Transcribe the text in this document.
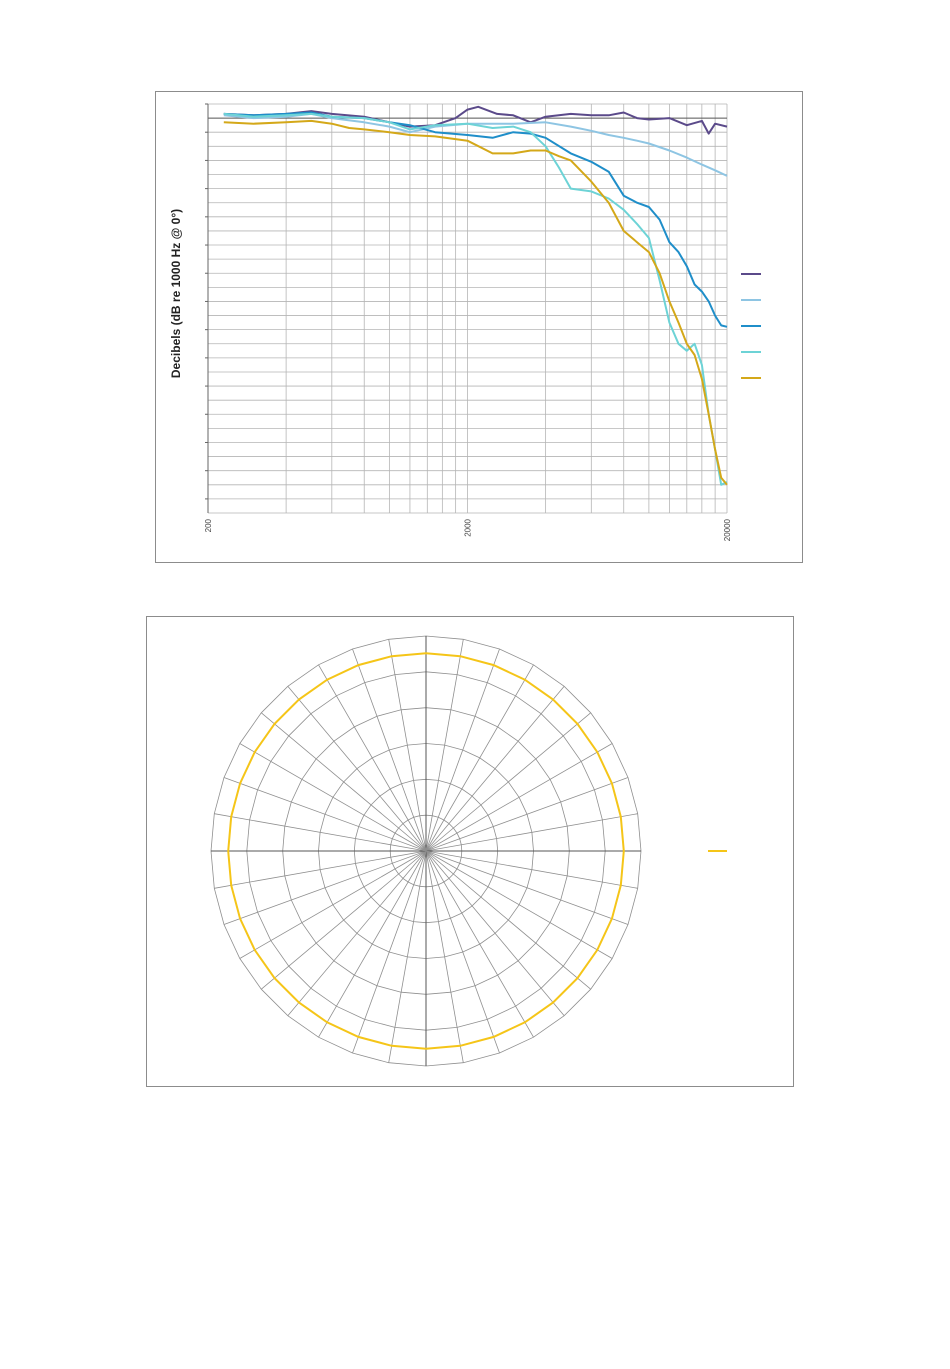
Decibels (dB re 1000 Hz @ 0°)
200	2000	20000
